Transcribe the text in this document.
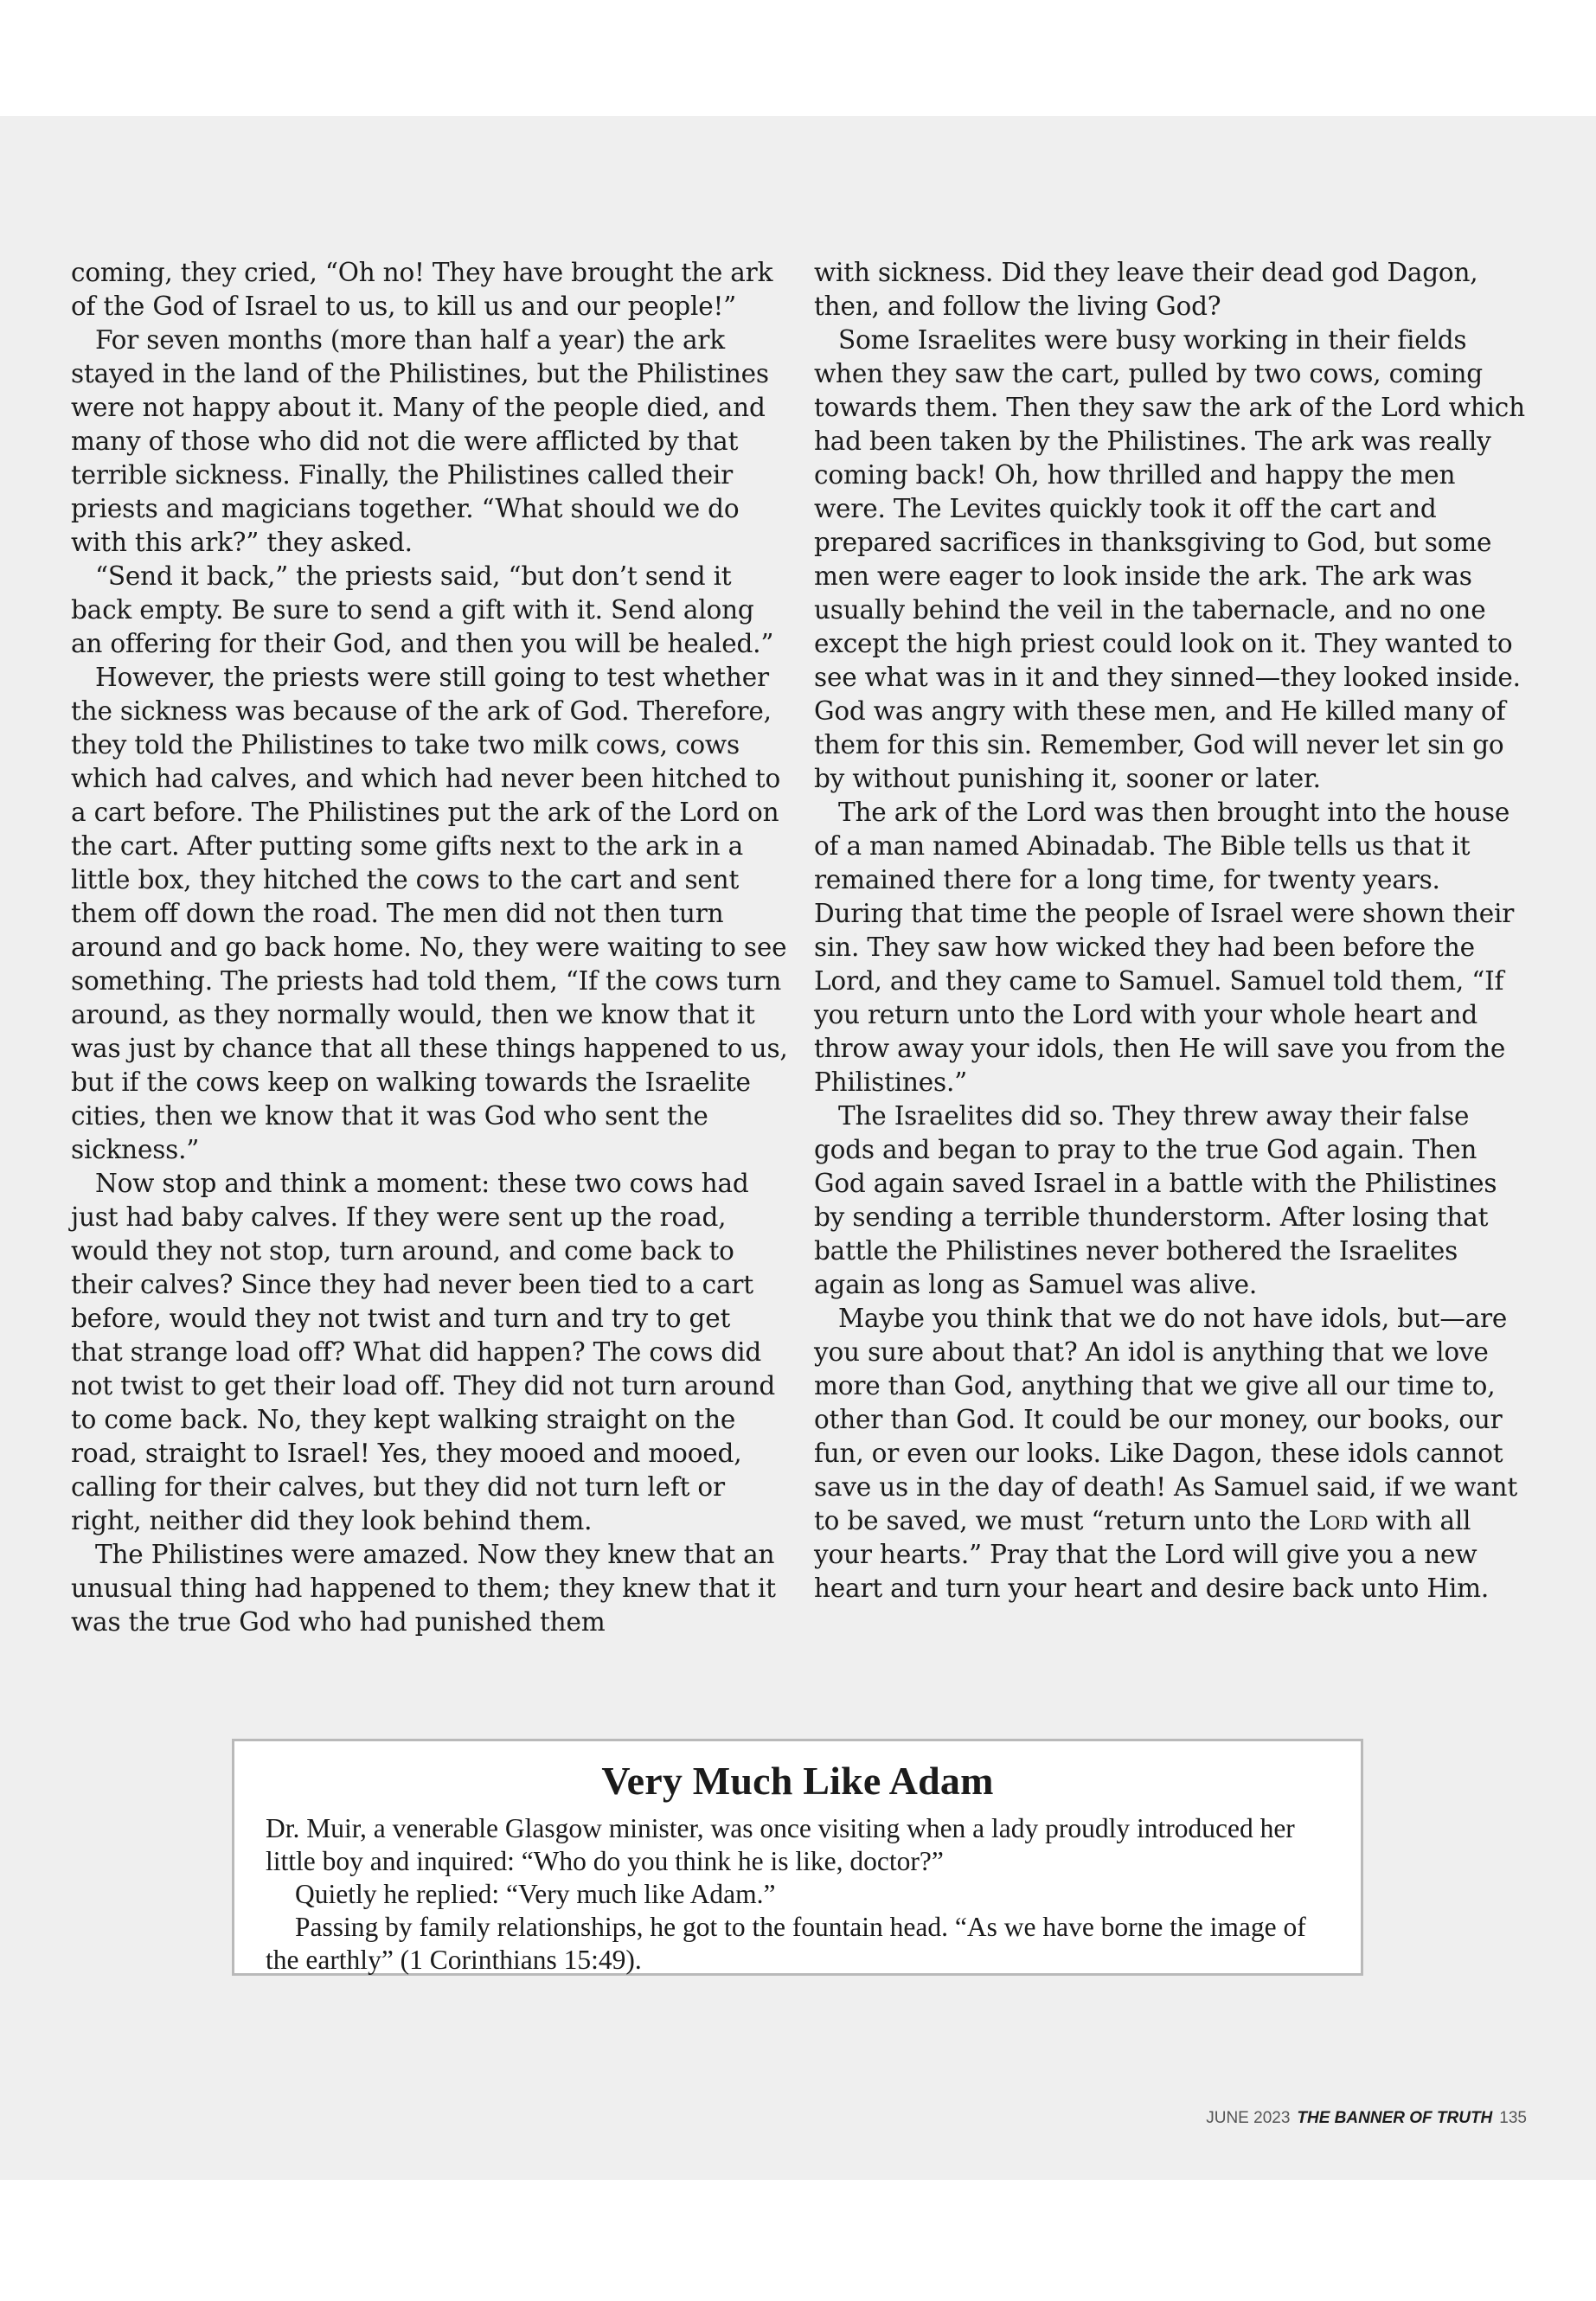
coming, they cried, “Oh no! They have brought the ark of the God of Israel to us, to kill us and our people!”

For seven months (more than half a year) the ark stayed in the land of the Philistines, but the Philistines were not happy about it. Many of the people died, and many of those who did not die were afflicted by that terrible sickness. Finally, the Philistines called their priests and magicians together. “What should we do with this ark?” they asked.

“Send it back,” the priests said, “but don’t send it back empty. Be sure to send a gift with it. Send along an offering for their God, and then you will be healed.”

However, the priests were still going to test whether the sickness was because of the ark of God. Therefore, they told the Philistines to take two milk cows, cows which had calves, and which had never been hitched to a cart before. The Philistines put the ark of the Lord on the cart. After putting some gifts next to the ark in a little box, they hitched the cows to the cart and sent them off down the road. The men did not then turn around and go back home. No, they were waiting to see something. The priests had told them, “If the cows turn around, as they normally would, then we know that it was just by chance that all these things happened to us, but if the cows keep on walking towards the Israelite cities, then we know that it was God who sent the sickness.”

Now stop and think a moment: these two cows had just had baby calves. If they were sent up the road, would they not stop, turn around, and come back to their calves? Since they had never been tied to a cart before, would they not twist and turn and try to get that strange load off? What did happen? The cows did not twist to get their load off. They did not turn around to come back. No, they kept walking straight on the road, straight to Israel! Yes, they mooed and mooed, calling for their calves, but they did not turn left or right, neither did they look behind them.

The Philistines were amazed. Now they knew that an unusual thing had happened to them; they knew that it was the true God who had punished them

with sickness. Did they leave their dead god Dagon, then, and follow the living God?

Some Israelites were busy working in their fields when they saw the cart, pulled by two cows, coming towards them. Then they saw the ark of the Lord which had been taken by the Philistines. The ark was really coming back! Oh, how thrilled and happy the men were. The Levites quickly took it off the cart and prepared sacrifices in thanksgiving to God, but some men were eager to look inside the ark. The ark was usually behind the veil in the tabernacle, and no one except the high priest could look on it. They wanted to see what was in it and they sinned—they looked inside. God was angry with these men, and He killed many of them for this sin. Remember, God will never let sin go by without punishing it, sooner or later.

The ark of the Lord was then brought into the house of a man named Abinadab. The Bible tells us that it remained there for a long time, for twenty years. During that time the people of Israel were shown their sin. They saw how wicked they had been before the Lord, and they came to Samuel. Samuel told them, “If you return unto the Lord with your whole heart and throw away your idols, then He will save you from the Philistines.”

The Israelites did so. They threw away their false gods and began to pray to the true God again. Then God again saved Israel in a battle with the Philistines by sending a terrible thunderstorm. After losing that battle the Philistines never bothered the Israelites again as long as Samuel was alive.

Maybe you think that we do not have idols, but—are you sure about that? An idol is anything that we love more than God, anything that we give all our time to, other than God. It could be our money, our books, our fun, or even our looks. Like Dagon, these idols cannot save us in the day of death! As Samuel said, if we want to be saved, we must “return unto the Lord with all your hearts.” Pray that the Lord will give you a new heart and turn your heart and desire back unto Him.

Very Much Like Adam

Dr. Muir, a venerable Glasgow minister, was once visiting when a lady proudly introduced her little boy and inquired: “Who do you think he is like, doctor?”

Quietly he replied: “Very much like Adam.”

Passing by family relationships, he got to the fountain head. “As we have borne the image of the earthly” (1 Corinthians 15:49).

JUNE 2023 THE BANNER OF TRUTH 135
